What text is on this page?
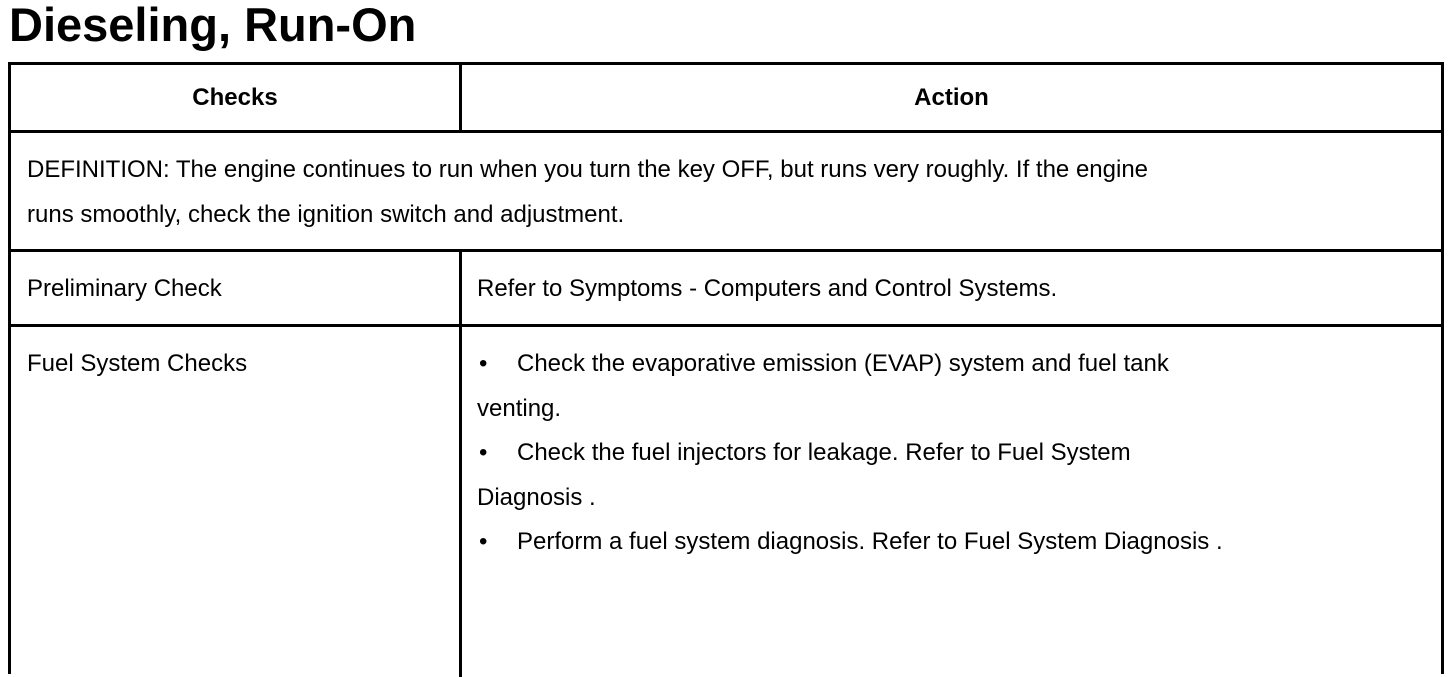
Dieseling, Run-On
Checks	Action
DEFINITION: The engine continues to run when you turn the key OFF, but runs very roughly. If the engine
runs smoothly, check the ignition switch and adjustment.
Preliminary Check	Refer to Symptoms - Computers and Control Systems.
Fuel System Checks	• Check the evaporative emission (EVAP) system and fuel tank
venting.
• Check the fuel injectors for leakage. Refer to Fuel System
Diagnosis .
• Perform a fuel system diagnosis. Refer to Fuel System Diagnosis .
